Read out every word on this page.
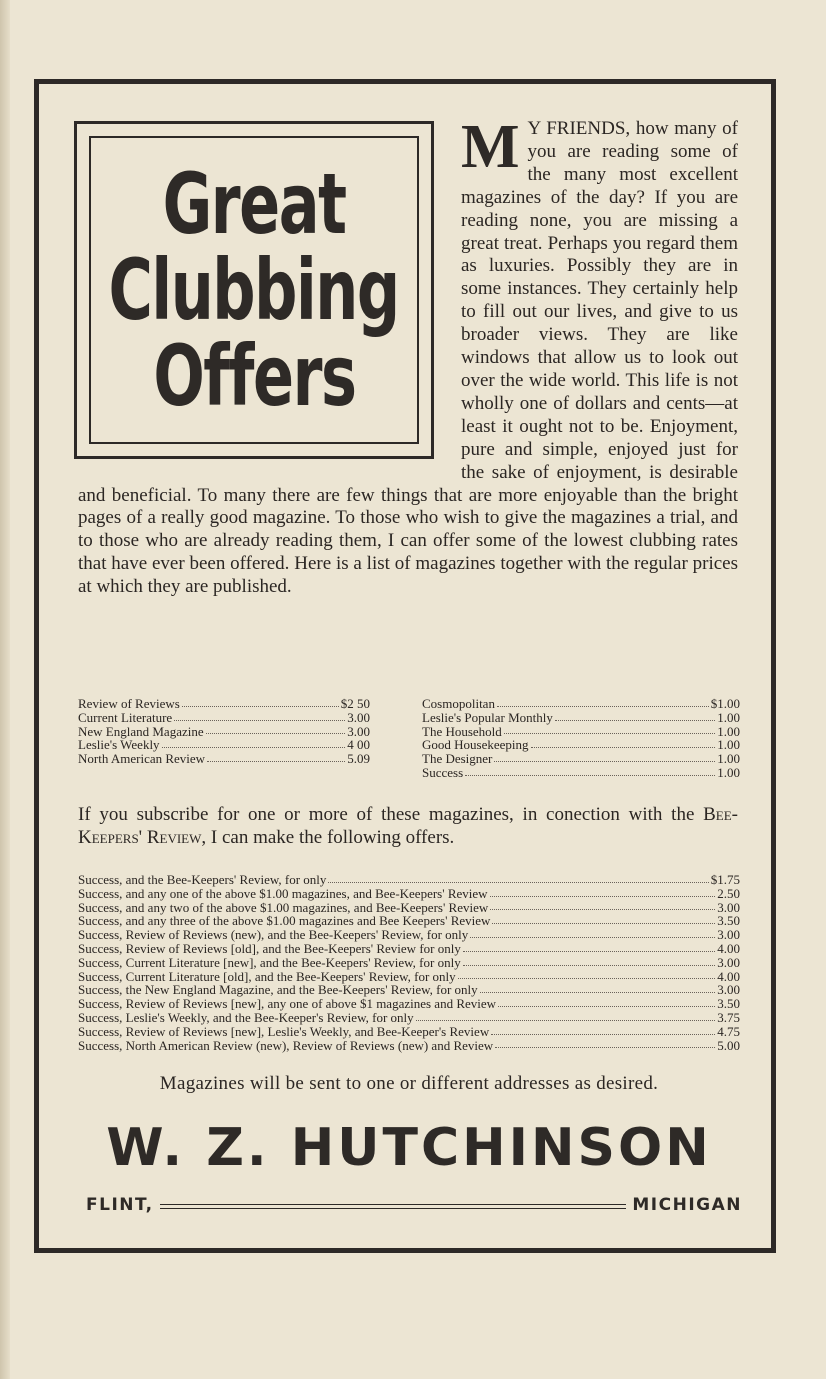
Great
Clubbing
Offers
M Y FRIENDS, how many of you are reading some of the many most excellent magazines of the day? If you are reading none, you are missing a great treat. Perhaps you regard them as luxuries. Possibly they are in some instances. They certainly help to fill out our lives, and give to us broader views. They are like windows that allow us to look out over the wide world. This life is not wholly one of dollars and cents—at least it ought not to be. Enjoyment, pure and simple, enjoyed just for the sake of enjoyment, is desirable and beneficial. To many there are few things that are more enjoyable than the bright pages of a really good magazine. To those who wish to give the magazines a trial, and to those who are already reading them, I can offer some of the lowest clubbing rates that have ever been offered. Here is a list of magazines together with the regular prices at which they are published.
Review of Reviews	$2 50
Current Literature	3.00
New England Magazine	3.00
Leslie's Weekly	4 00
North American Review	5.09
Cosmopolitan	$1.00
Leslie's Popular Monthly	1.00
The Household	1.00
Good Housekeeping	1.00
The Designer	1.00
Success	1.00
If you subscribe for one or more of these magazines, in conection with the Bee-Keepers' Review, I can make the following offers.
Success, and the Bee-Keepers' Review, for only	$1.75
Success, and any one of the above $1.00 magazines, and Bee-Keepers' Review	2.50
Success, and any two of the above $1.00 magazines, and Bee-Keepers' Review	3.00
Success, and any three of the above $1.00 magazines and Bee Keepers' Review	3.50
Success, Review of Reviews (new), and the Bee-Keepers' Review, for only	3.00
Success, Review of Reviews [old], and the Bee-Keepers' Review for only	4.00
Success, Current Literature [new], and the Bee-Keepers' Review, for only	3.00
Success, Current Literature [old], and the Bee-Keepers' Review, for only	4.00
Success, the New England Magazine, and the Bee-Keepers' Review, for only	3.00
Success, Review of Reviews [new], any one of above $1 magazines and Review	3.50
Success, Leslie's Weekly, and the Bee-Keeper's Review, for only	3.75
Success, Review of Reviews [new], Leslie's Weekly, and Bee-Keeper's Review	4.75
Success, North American Review (new), Review of Reviews (new) and Review	5.00
Magazines will be sent to one or different addresses as desired.
W. Z. HUTCHINSON
FLINT,	MICHIGAN
